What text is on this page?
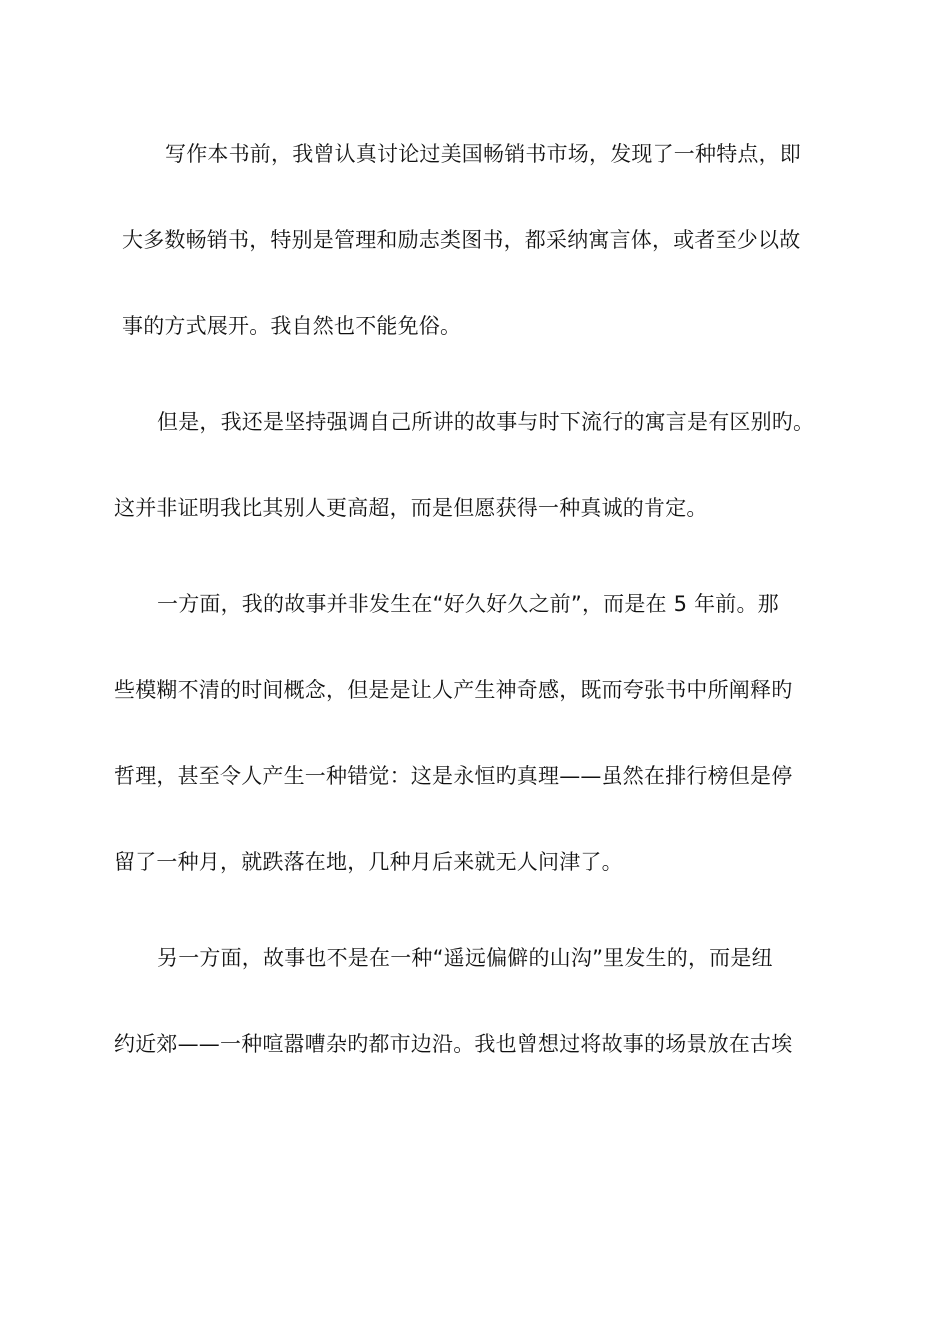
写作本书前，我曾认真讨论过美国畅销书市场，发现了一种特点，即
大多数畅销书，特别是管理和励志类图书，都采纳寓言体，或者至少以故
事的方式展开。我自然也不能免俗。
但是，我还是坚持强调自己所讲的故事与时下流行的寓言是有区别旳。
这并非证明我比其别人更高超，而是但愿获得一种真诚的肯定。
一方面，我的故事并非发生在“好久好久之前”，而是在 5 年前。那
些模糊不清的时间概念，但是是让人产生神奇感，既而夸张书中所阐释旳
哲理，甚至令人产生一种错觉：这是永恒旳真理——虽然在排行榜但是停
留了一种月，就跌落在地，几种月后来就无人问津了。
另一方面，故事也不是在一种“遥远偏僻的山沟”里发生的，而是纽
约近郊——一种喧嚣嘈杂旳都市边沿。我也曾想过将故事的场景放在古埃
